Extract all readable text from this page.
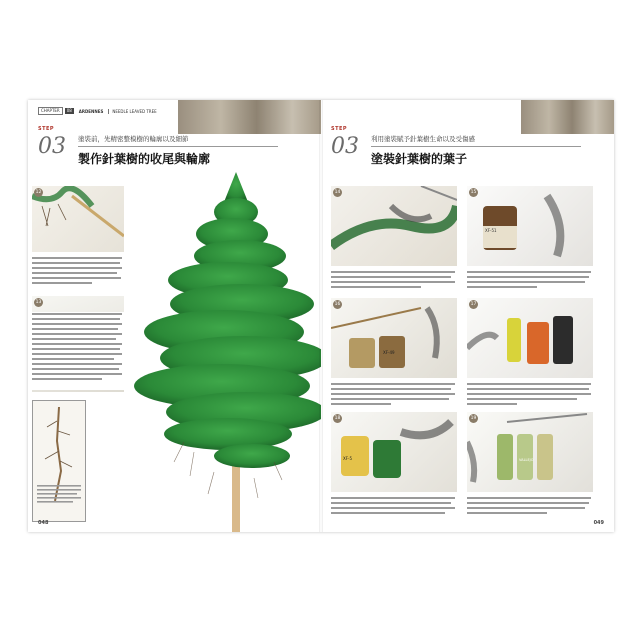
CHAPTER	08	ARDENNES	NEEDLE LEAVED TREE
STEP
03 塗裝前，先精密整模樹的輪廓以及細節
製作針葉樹的收尾與輪廓
12
13
048
STEP
03 利用塗裝賦予針葉樹生命以及受傷感
塗裝針葉樹的葉子
14
XF-51
15
XF-49
16	17
XF-5
18
VALLEJO
19
049
